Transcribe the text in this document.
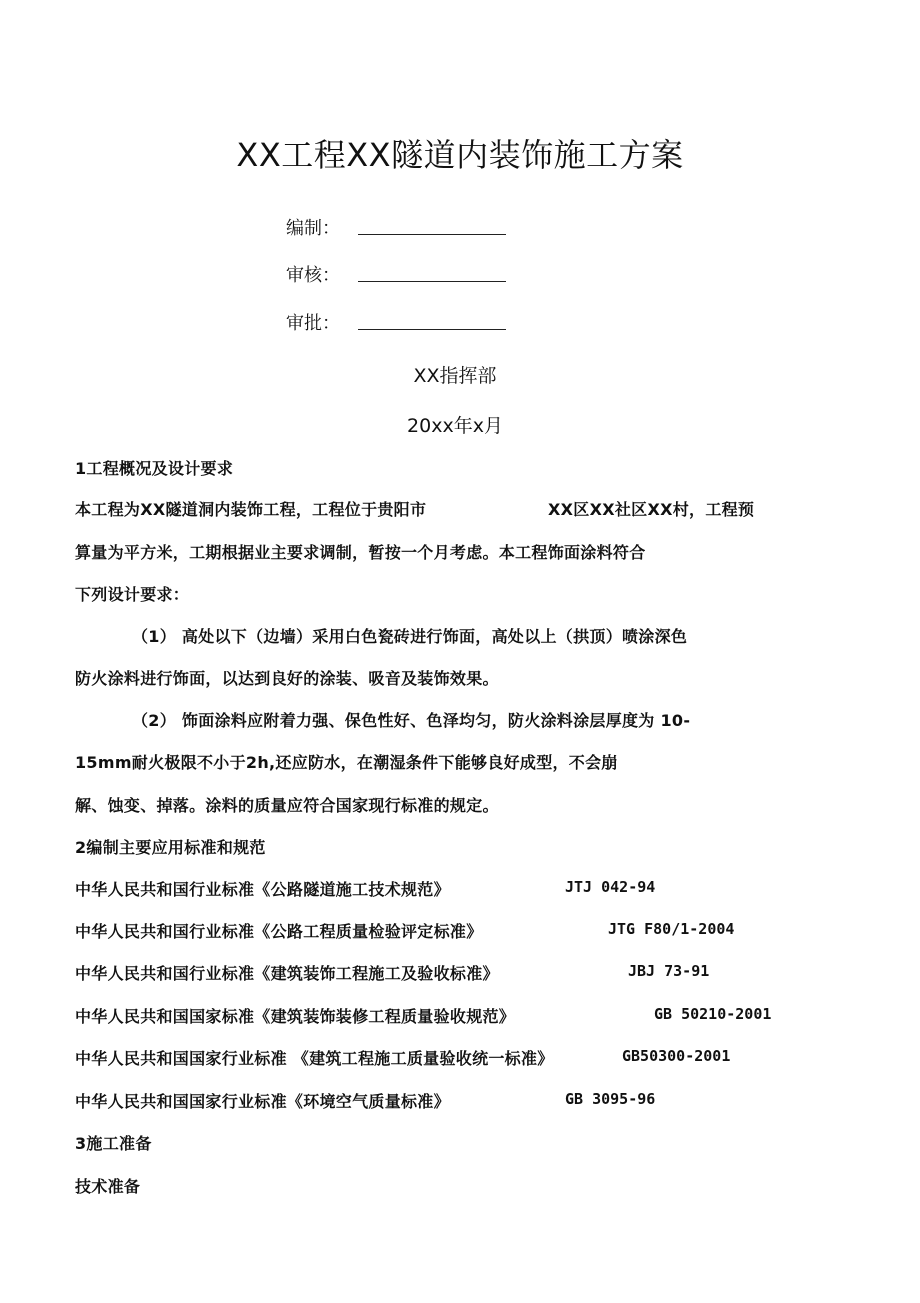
XX工程XX隧道内装饰施工方案
编制：
审核：
审批：
XX指挥部
20xx年x月
1工程概况及设计要求
本工程为XX隧道洞内装饰工程，工程位于贵阳市	XX区XX社区XX村，工程预
算量为平方米，工期根据业主要求调制，暂按一个月考虑。本工程饰面涂料符合
下列设计要求：
（1） 高处以下（边墙）采用白色瓷砖进行饰面，高处以上（拱顶）喷涂深色
防火涂料进行饰面，以达到良好的涂装、吸音及装饰效果。
（2） 饰面涂料应附着力强、保色性好、色泽均匀，防火涂料涂层厚度为 10-
15mm耐火极限不小于2h,还应防水，在潮湿条件下能够良好成型，不会崩
解、蚀变、掉落。涂料的质量应符合国家现行标准的规定。
2编制主要应用标准和规范
中华人民共和国行业标准《公路隧道施工技术规范》	JTJ 042-94
中华人民共和国行业标准《公路工程质量检验评定标准》	JTG F80/1-2004
中华人民共和国行业标准《建筑装饰工程施工及验收标准》	JBJ 73-91
中华人民共和国国家标准《建筑装饰装修工程质量验收规范》	GB 50210-2001
中华人民共和国国家行业标准 《建筑工程施工质量验收统一标准》	GB50300-2001
中华人民共和国国家行业标准《环境空气质量标准》	GB 3095-96
3施工准备
技术准备
